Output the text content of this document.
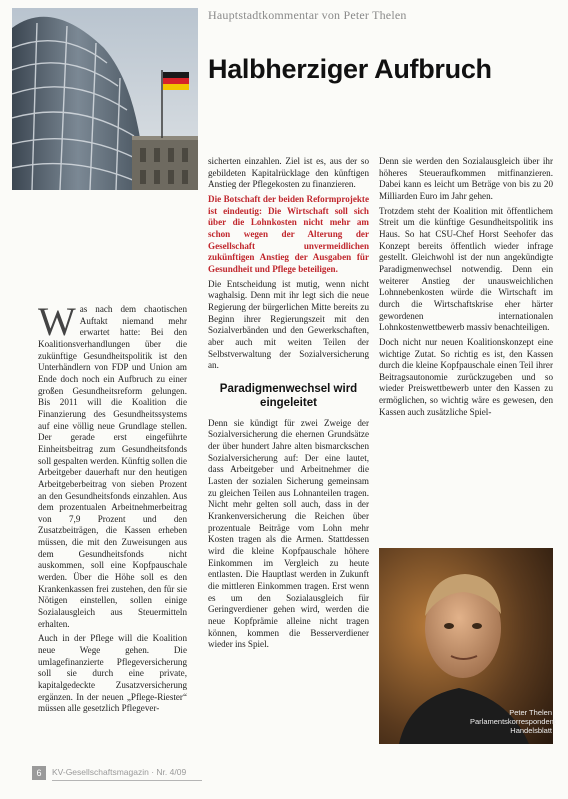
Hauptstadtkommentar von Peter Thelen
Halbherziger Aufbruch

Was nach dem chaotischen Auftakt niemand mehr erwartet hatte: Bei den Koalitionsverhandlungen über die zukünftige Gesundheitspolitik ist den Unterhändlern von FDP und Union am Ende doch noch ein Aufbruch zu einer großen Gesundheitsreform gelungen. Bis 2011 will die Koalition die Finanzierung des Gesundheitssystems auf eine völlig neue Grundlage stellen. Der gerade erst eingeführte Einheitsbeitrag zum Gesundheitsfonds soll gespalten werden. Künftig sollen die Arbeitgeber dauerhaft nur den heutigen Arbeitgeberbeitrag von sieben Prozent an den Gesundheitsfonds einzahlen. Aus dem prozentualen Arbeitnehmerbeitrag von 7,9 Prozent und den Zusatzbeiträgen, die Kassen erheben müssen, die mit den Zuweisungen aus dem Gesundheitsfonds nicht auskommen, soll eine Kopfpauschale werden. Über die Höhe soll es den Krankenkassen frei zustehen, den für sie Nötigen einstellen, sollen einige Sozialausgleich aus Steuermitteln erhalten.

Auch in der Pflege will die Koalition neue Wege gehen. Die umlagefinanzierte Pflegeversicherung soll sie durch eine private, kapitalgedeckte Zusatzversicherung ergänzen. In der neuen „Pflege-Riester“ müssen alle gesetzlich Pflegever-

sicherten einzahlen. Ziel ist es, aus der so gebildeten Kapitalrücklage den künftigen Anstieg der Pflegekosten zu finanzieren.

Die Botschaft der beiden Reformprojekte ist eindeutig: Die Wirtschaft soll sich über die Lohnkosten nicht mehr am schon wegen der Alterung der Gesellschaft unvermeidlichen zukünftigen Anstieg der Ausgaben für Gesundheit und Pflege beteiligen.

Die Entscheidung ist mutig, wenn nicht waghalsig. Denn mit ihr legt sich die neue Regierung der bürgerlichen Mitte bereits zu Beginn ihrer Regierungszeit mit den Sozialverbänden und den Gewerkschaften, aber auch mit weiten Teilen der Selbstverwaltung der Sozialversicherung an.

Paradigmenwechsel wird eingeleitet

Denn sie kündigt für zwei Zweige der Sozialversicherung die ehernen Grundsätze der über hundert Jahre alten bismarckschen Sozialversicherung auf: Der eine lautet, dass Arbeitgeber und Arbeitnehmer die Lasten der sozialen Sicherung gemeinsam zu gleichen Teilen aus Lohnanteilen tragen. Nicht mehr gelten soll auch, dass in der Krankenversicherung die Reichen über prozentuale Beiträge vom Lohn mehr Kosten tragen als die Armen. Stattdessen wird die kleine Kopfpauschale höhere Einkommen im Vergleich zu heute entlasten. Die Hauptlast werden in Zukunft die mittleren Einkommen tragen. Erst wenn es um den Sozialausgleich für Geringverdiener gehen wird, werden die neue Kopfprämie alleine nicht tragen können, kommen die Besserverdiener wieder ins Spiel.

Denn sie werden den Sozialausgleich über ihr höheres Steueraufkommen mitfinanzieren. Dabei kann es leicht um Beträge von bis zu 20 Milliarden Euro im Jahr gehen.

Trotzdem steht der Koalition mit öffentlichem Streit um die künftige Gesundheitspolitik ins Haus. So hat CSU-Chef Horst Seehofer das Konzept bereits öffentlich wieder infrage gestellt. Gleichwohl ist der nun angekündigte Paradigmenwechsel notwendig. Denn ein weiterer Anstieg der unausweichlichen Lohnnebenkosten würde die Wirtschaft im durch die Wirtschaftskrise eher härter gewordenen internationalen Lohnkostenwettbewerb massiv benachteiligen.

Doch nicht nur neuen Koalitionskonzept eine wichtige Zutat. So richtig es ist, den Kassen durch die kleine Kopfpauschale einen Teil ihrer Beitragsautonomie zurückzugeben und so wieder Preiswettbewerb unter den Kassen zu ermöglichen, so wichtig wäre es gewesen, den Kassen auch zusätzliche Spiel-

Peter Thelen
Parlamentskorrespondent
Handelsblatt
6	KV-Gesellschaftsmagazin · Nr. 4/09
